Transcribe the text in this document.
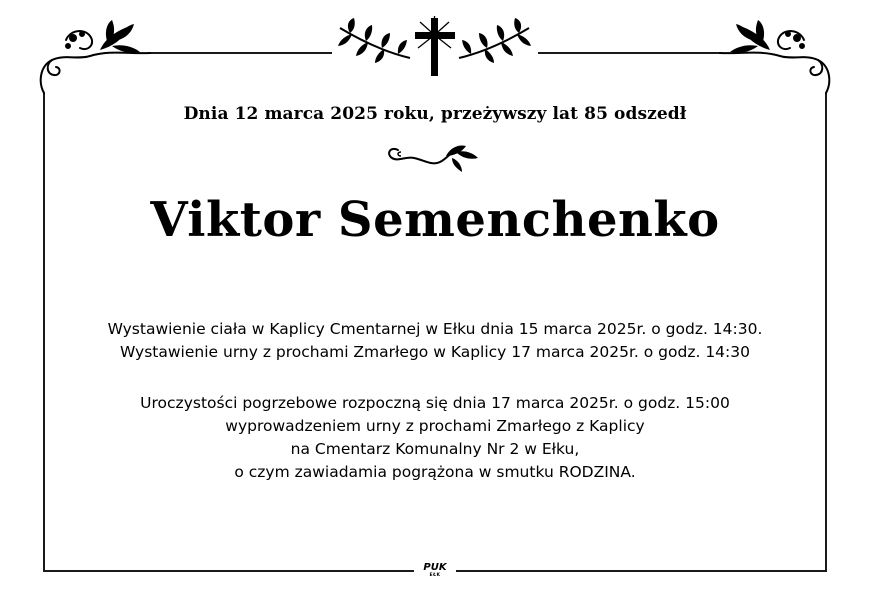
Dnia 12 marca 2025 roku, przeżywszy lat 85 odszedł
Viktor Semenchenko
Wystawienie ciała w Kaplicy Cmentarnej w Ełku dnia 15 marca 2025r. o godz. 14:30.
Wystawienie urny z prochami Zmarłego w Kaplicy 17 marca 2025r. o godz. 14:30
Uroczystości pogrzebowe rozpoczną się dnia 17 marca 2025r. o godz. 15:00
wyprowadzeniem urny z prochami Zmarłego z Kaplicy
na Cmentarz Komunalny Nr 2 w Ełku,
o czym zawiadamia pogrążona w smutku RODZINA.
PUK
EŁK
